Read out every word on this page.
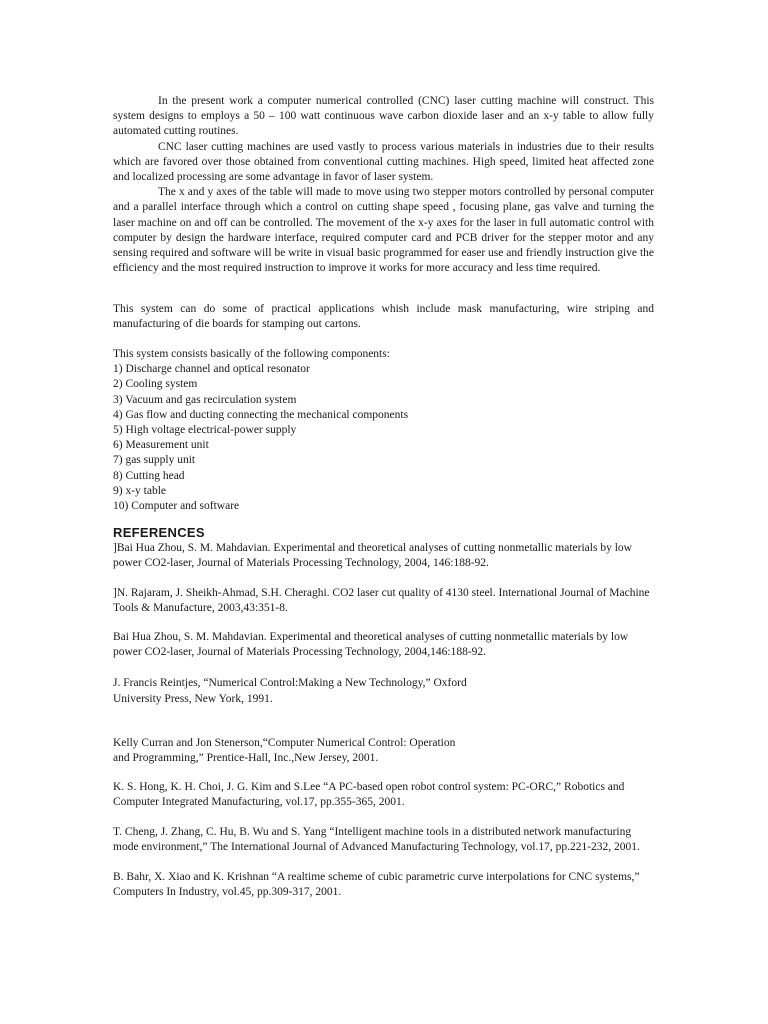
In the present work a computer numerical controlled (CNC) laser cutting machine will construct. This system designs to employs a 50 – 100 watt continuous wave carbon dioxide laser and an x-y table to allow fully automated cutting routines.

CNC laser cutting machines are used vastly to process various materials in industries due to their results which are favored over those obtained from conventional cutting machines. High speed, limited heat affected zone and localized processing are some advantage in favor of laser system.

The x and y axes of the table will made to move using two stepper motors controlled by personal computer and a parallel interface through which a control on cutting shape speed , focusing plane, gas valve and turning the laser machine on and off can be controlled. The movement of the x-y axes for the laser in full automatic control with computer by design the hardware interface, required computer card and PCB driver for the stepper motor and any sensing required and software will be write in visual basic programmed for easer use and friendly instruction give the efficiency and the most required instruction to improve it works for more accuracy and less time required.

This system can do some of practical applications whish include mask manufacturing, wire striping and manufacturing of die boards for stamping out cartons.

This system consists basically of the following components:

1) Discharge channel and optical resonator
2) Cooling system
3) Vacuum and gas recirculation system
4) Gas flow and ducting connecting the mechanical components
5) High voltage electrical-power supply
6) Measurement unit
7) gas supply unit
8) Cutting head
9) x-y table
10) Computer and software
REFERENCES

]Bai Hua Zhou, S. M. Mahdavian. Experimental and theoretical analyses of cutting nonmetallic materials by low power CO2-laser, Journal of Materials Processing Technology, 2004, 146:188-92.

]N. Rajaram, J. Sheikh-Ahmad, S.H. Cheraghi. CO2 laser cut quality of 4130 steel. International Journal of Machine Tools & Manufacture, 2003,43:351-8.

Bai Hua Zhou, S. M. Mahdavian. Experimental and theoretical analyses of cutting nonmetallic materials by low power CO2-laser, Journal of Materials Processing Technology, 2004,146:188-92.

J. Francis Reintjes, “Numerical Control:Making a New Technology,” Oxford

University Press, New York, 1991.

Kelly Curran and Jon Stenerson,“Computer Numerical Control: Operation

and Programming,” Prentice-Hall, Inc.,New Jersey, 2001.

K. S. Hong, K. H. Choi, J. G. Kim and S.Lee “A PC-based open robot control system: PC-ORC,” Robotics and Computer Integrated Manufacturing, vol.17, pp.355-365, 2001.

T. Cheng, J. Zhang, C. Hu, B. Wu and S. Yang “Intelligent machine tools in a distributed network manufacturing mode environment,” The International Journal of Advanced Manufacturing Technology, vol.17, pp.221-232, 2001.

B. Bahr, X. Xiao and K. Krishnan “A realtime scheme of cubic parametric curve interpolations for CNC systems,” Computers In Industry, vol.45, pp.309-317, 2001.
